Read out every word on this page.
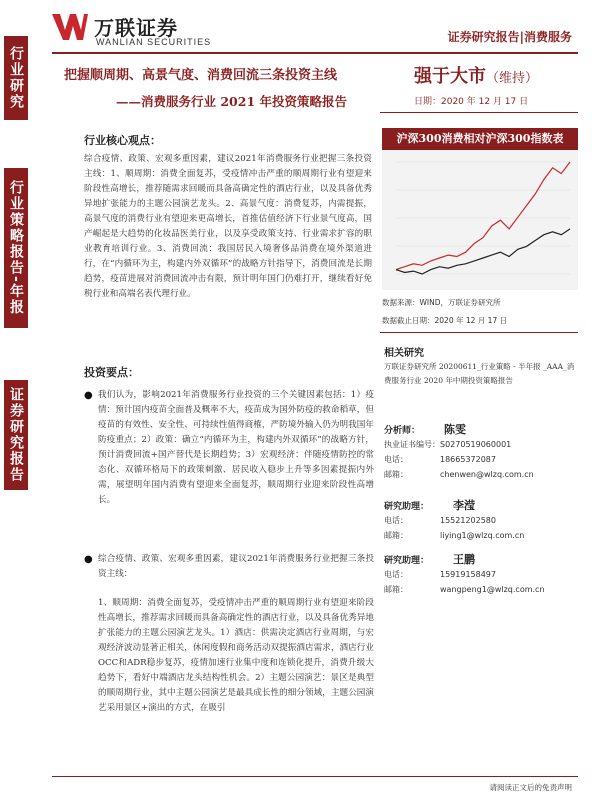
万联证券
WANLIAN SECURITIES	证券研究报告|消费服务
行业研究
行业策略报告-年报
证券研究报告
把握顺周期、高景气度、消费回流三条投资主线
——消费服务行业 2021 年投资策略报告
强于大市（维持）
日期：2020 年 12 月 17 日
行业核心观点：
综合疫情、政策、宏观多重因素，建议2021年消费服务行业把握三条投资主线：1、顺周期：消费全面复苏，受疫情冲击严重的顺周期行业有望迎来阶段性高增长，推荐随需求回暖而具备高确定性的酒店行业，以及具备优秀异地扩张能力的主题公园演艺龙头。2、高景气度：消费复苏，内需提振，高景气度的消费行业有望迎来更高增长，首推估值经济下行业景气度高，国产崛起是大趋势的化妆品医美行业，以及享受政策支持、行业需求扩容的职业教育培训行业。3、消费回流：我国居民入境奢侈品消费在境外渠道进行，在“内循环为主，构建内外双循环”的战略方针指导下，消费回流是长期趋势，疫苗进展对消费回流冲击有限，预计明年国门仍难打开，继续看好免税行业和高端名表代理行业。
投资要点：
● 我们认为，影响2021年消费服务行业投资的三个关键因素包括：1）疫情：预计国内疫苗全面普及概率不大，疫苗成为国外防疫的救命稻草，但疫苗的有效性、安全性、可持续性值得商榷，严防境外输入仍为明我国年防疫重点；2）政策：确立“内循环为主，构建内外双循环”的战略方针，预计消费回流+国产替代是长期趋势；3）宏观经济：伴随疫情防控的常态化、双循环格局下的政策刺激、居民收入稳步上升等多因素提振内外需，展望明年国内消费有望迎来全面复苏，顺周期行业迎来阶段性高增长。
● 综合疫情、政策、宏观多重因素，建议2021年消费服务行业把握三条投资主线：
1、顺周期：消费全面复苏，受疫情冲击严重的顺周期行业有望迎来阶段性高增长，推荐需求回暖而具备高确定性的酒店行业，以及具备优秀异地扩张能力的主题公园演艺龙头。1）酒店：供需决定酒店行业周期，与宏观经济波动显著正相关，休闲度假和商务活动双提振酒店需求，酒店行业OCC和ADR稳步复苏，疫情加速行业集中度和连锁化提升，消费升级大趋势下，看好中端酒店龙头结构性机会。2）主题公园演艺：景区是典型的顺周期行业，其中主题公园演艺是最具成长性的细分领域，主题公园演艺采用景区+演出的方式，在吸引
沪深300消费相对沪深300指数表
数据来源：WIND，万联证券研究所
数据截止日期：2020 年 12 月 17 日
相关研究
万联证券研究所 20200611_行业策略 - 半年报 _AAA_消费服务行业 2020 年中期投资策略报告
分析师： 陈雯
执业证书编号：S0270519060001
电话：	18665372087
邮箱：	chenwen@wlzq.com.cn
研究助理： 李滢
电话：	15521202580
邮箱：	liying1@wlzq.com.cn
研究助理： 王鹏
电话：	15919158497
邮箱：	wangpeng1@wlzq.com.cn
请阅读正文后的免责声明
